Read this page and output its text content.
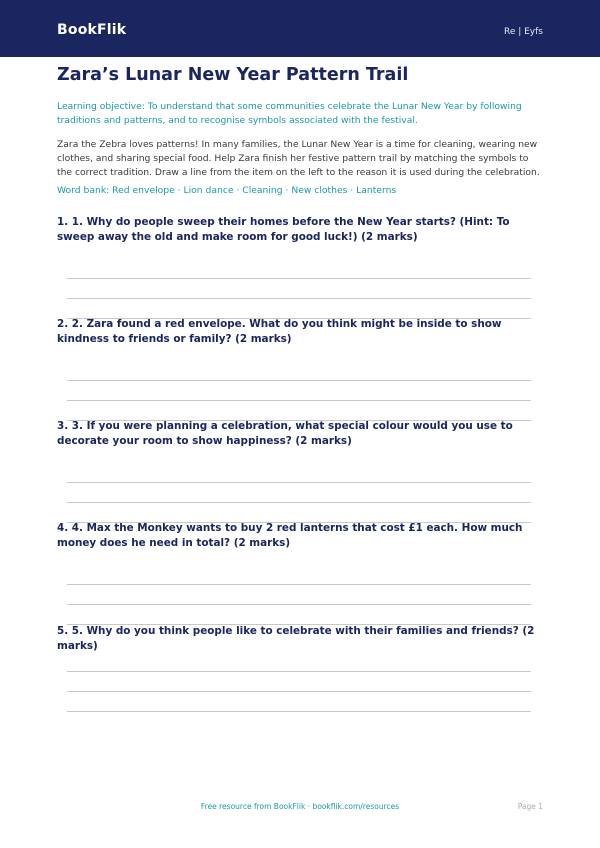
BookFlik	Re | Eyfs
Zara’s Lunar New Year Pattern Trail

Learning objective: To understand that some communities celebrate the Lunar New Year by following traditions and patterns, and to recognise symbols associated with the festival.

Zara the Zebra loves patterns! In many families, the Lunar New Year is a time for cleaning, wearing new clothes, and sharing special food. Help Zara finish her festive pattern trail by matching the symbols to the correct tradition. Draw a line from the item on the left to the reason it is used during the celebration.

Word bank: Red envelope · Lion dance · Cleaning · New clothes · Lanterns

1. 1. Why do people sweep their homes before the New Year starts? (Hint: To sweep away the old and make room for good luck!) (2 marks)

2. 2. Zara found a red envelope. What do you think might be inside to show kindness to friends or family? (2 marks)

3. 3. If you were planning a celebration, what special colour would you use to decorate your room to show happiness? (2 marks)

4. 4. Max the Monkey wants to buy 2 red lanterns that cost £1 each. How much money does he need in total? (2 marks)

5. 5. Why do you think people like to celebrate with their families and friends? (2 marks)

Free resource from BookFlik · bookflik.com/resources	Page 1
